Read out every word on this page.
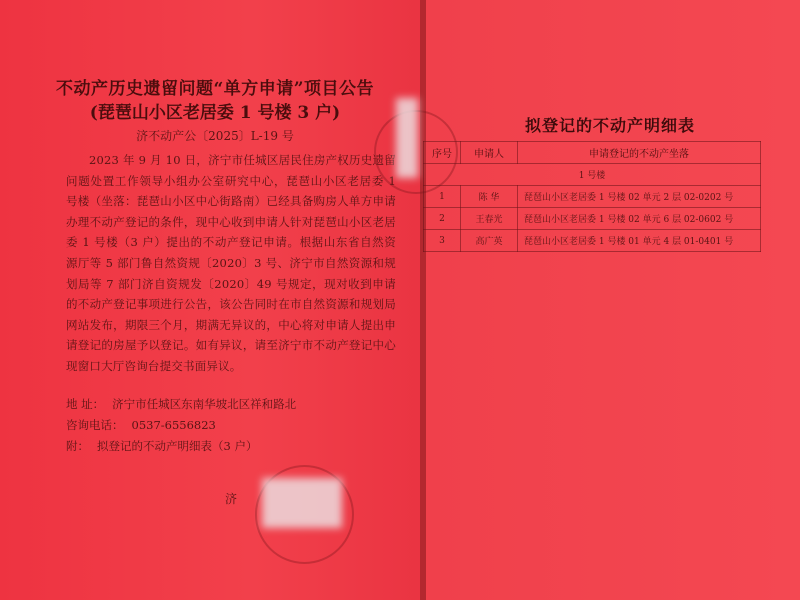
不动产历史遗留问题“单方申请”项目公告
(琵琶山小区老居委 1 号楼 3 户)
济不动产公〔2025〕L-19 号

2023 年 9 月 10 日，济宁市任城区居民住房产权历史遗留问题处置工作领导小组办公室研究中心，琵琶山小区老居委 1 号楼（坐落：琵琶山小区中心街路南）已经具备购房人单方申请办理不动产登记的条件，现中心收到申请人针对琵琶山小区老居委 1 号楼（3 户）提出的不动产登记申请。根据山东省自然资源厅等 5 部门鲁自然资规〔2020〕3 号、济宁市自然资源和规划局等 7 部门济自资规发〔2020〕49 号规定，现对收到申请的不动产登记事项进行公告，该公告同时在市自然资源和规划局网站发布，期限三个月，期满无异议的，中心将对申请人提出申请登记的房屋予以登记。如有异议，请至济宁市不动产登记中心现窗口大厅咨询台提交书面异议。

地 址： 济宁市任城区东南华坡北区祥和路北

咨询电话： 0537-6556823

附： 拟登记的不动产明细表（3 户）

济
拟登记的不动产明细表
序号	申请人	申请登记的不动产坐落
1 号楼		
1	陈 华	琵琶山小区老居委 1 号楼 02 单元 2 层 02-0202 号
2	王春光	琵琶山小区老居委 1 号楼 02 单元 6 层 02-0602 号
3	高广英	琵琶山小区老居委 1 号楼 01 单元 4 层 01-0401 号
